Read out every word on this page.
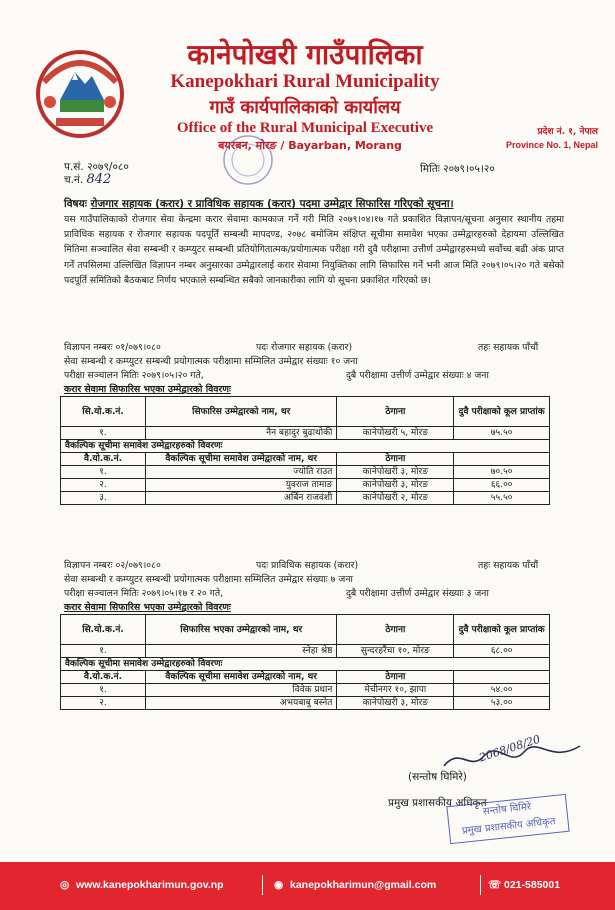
कानेपोखरी गाउँपालिका
Kanepokhari Rural Municipality
गाउँ कार्यपालिकाको कार्यालय
Office of the Rural Municipal Executive
बयरबन, मोरङ / Bayarban, Morang
प्रदेश नं. १, नेपाल
Province No. 1, Nepal
प.सं. २०७९/०८०
च.नं. 842
मितिः २०७९।०५।२०
विषयः रोजगार सहायक (करार) र प्राविधिक सहायक (करार) पदमा उम्मेद्वार सिफारिस गरिएको सूचना।
यस गाउँपालिकाको रोजगार सेवा केन्द्रमा करार सेवामा कामकाज गर्ने गरी मिति २०७९।०४।१७ गते प्रकाशित विज्ञापन/सूचना अनुसार स्थानीय तहमा प्राविधिक सहायक र रोजगार सहायक पदपूर्ति सम्बन्धी मापदण्ड, २०७८ बमोजिम संक्षिप्त सूचीमा समावेश भएका उम्मेद्वारहरुको देहायमा उल्लिखित मितिमा सञ्चालित सेवा सम्बन्धी र कम्प्युटर सम्बन्धी प्रतियोगितात्मक/प्रयोगात्मक परीक्षा गरी दुवै परीक्षामा उत्तीर्ण उम्मेद्वारहरुमध्ये सर्वोच्च बढी अंक प्राप्त गर्ने तपसिलमा उल्लिखित विज्ञापन नम्बर अनुसारका उम्मेद्वारलाई करार सेवामा नियुक्तिका लागि सिफारिस गर्ने भनी आज मिति २०७९।०५।२० गते बसेको पदपूर्ति समितिको बैठकबाट निर्णय भएकाले सम्बन्धित सबैको जानकारीका लागि यो सूचना प्रकाशित गरिएको छ।
विज्ञापन नम्बरः ०१/०७९।०८०	पदः रोजगार सहायक (करार)	तहः सहायक पाँचौं
सेवा सम्बन्धी र कम्प्युटर सम्बन्धी प्रयोगात्मक परीक्षामा सम्मिलित उम्मेद्वार संख्याः १० जना
परीक्षा सञ्चालन मितिः २०७९।०५।२० गते,	दुबै परीक्षामा उत्तीर्ण उम्मेद्वार संख्याः ४ जना
करार सेवामा सिफारिस भएका उम्मेद्वारको विवरणः
सि.यो.क.नं.	सिफारिस उम्मेद्वारको नाम, थर	ठेगाना	दुवै परीक्षाको कूल प्राप्तांक
१.	नैन बहादुर बुढाथोकी	कानेपोखरी ५, मोरङ	७५.५०
वैकल्पिक सूचीमा समावेश उम्मेद्वारहरुको विवरणः			
वै.यो.क.नं.	वैकल्पिक सूचीमा समावेश उम्मेद्वारको नाम, थर	ठेगाना	
१.	ज्योति राउत	कानेपोखरी ३, मोरङ	७०.५०
२.	युवराज तामाङ	कानेपोखरी ३, मोरङ	६६.००
३.	अर्बिन राजवंशी	कानेपोखरी २, मोरङ	५५.५०
विज्ञापन नम्बरः ०२/०७९।०८०	पदः प्राविधिक सहायक (करार)	तहः सहायक पाँचौं
सेवा सम्बन्धी र कम्प्युटर सम्बन्धी प्रयोगात्मक परीक्षामा सम्मिलित उम्मेद्वार संख्याः ७ जना
परीक्षा सञ्चालन मितिः २०७९।०५।१७ र २० गते,	दुबै परीक्षामा उत्तीर्ण उम्मेद्वार संख्याः ३ जना
करार सेवामा सिफारिस भएका उम्मेद्वारको विवरणः
सि.यो.क.नं.	सिफारिस भएका उम्मेद्वारको नाम, थर	ठेगाना	दुवै परीक्षाको कूल प्राप्तांक
१.	स्नेहा श्रेष्ठ	सुन्दरहरैंचा १०, मोरङ	६८.००
वैकल्पिक सूचीमा समावेश उम्मेद्वारहरुको विवरणः			
वै.यो.क.नं.	वैकल्पिक सूचीमा समावेश उम्मेद्वारको नाम, थर	ठेगाना	
१.	विवेक प्रधान	मेचीनगर १०, झापा	५४.००
२.	अभयबाबु बस्नेत	कानेपोखरी ३, मोरङ	५३.००
2068/08/20
(सन्तोष घिमिरे)
प्रमुख प्रशासकीय अधिकृत
सन्तोष घिमिरे
प्रमुख प्रशासकीय अधिकृत
◎ www.kanepokharimun.gov.np	◉ kanepokharimun@gmail.com	☏ 021-585001
